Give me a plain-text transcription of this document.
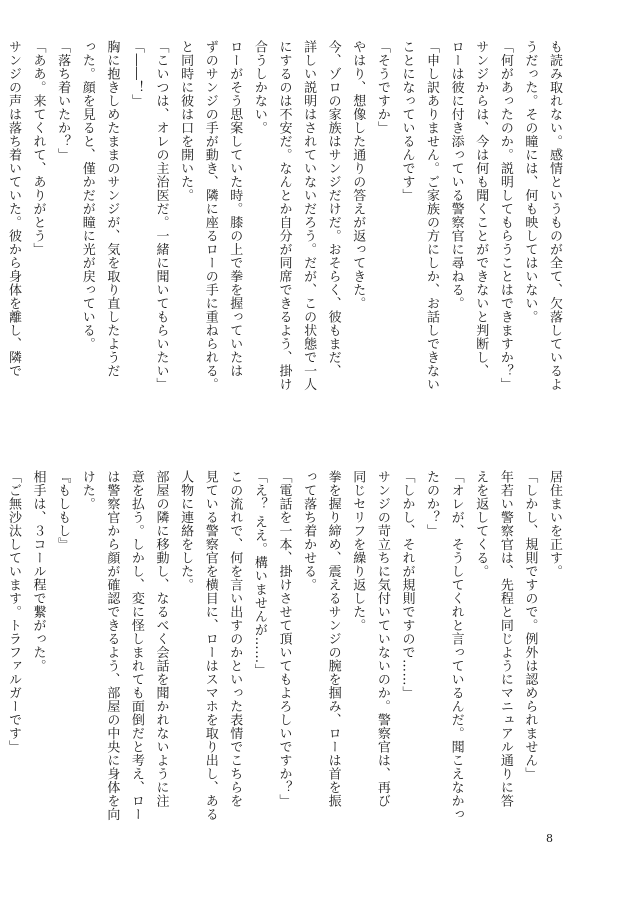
も読み取れない。感情というものが全て、欠落しているよ
うだった。その瞳には、何も映してはいない。
「何があったのか。説明してもらうことはできますか？」
サンジからは、今は何も聞くことができないと判断し、
ローは彼に付き添っている警察官に尋ねる。
「申し訳ありません。ご家族の方にしか、お話しできない
ことになっているんです」
「そうですか」
やはり、想像した通りの答えが返ってきた。
今、ゾロの家族はサンジだけだ。おそらく、彼もまだ、
詳しい説明はされていないだろう。だが、この状態で一人
にするのは不安だ。なんとか自分が同席できるよう、掛け
合うしかない。
ローがそう思案していた時。膝の上で拳を握っていたは
ずのサンジの手が動き、隣に座るローの手に重ねられる。
と同時に彼は口を開いた。
「こいつは、オレの主治医だ。一緒に聞いてもらいたい」
「――！」
胸に抱きしめたままのサンジが、気を取り直したようだ
った。顔を見ると、僅かだが瞳に光が戻っている。
「落ち着いたか？」
「ああ。来てくれて、ありがとう」
サンジの声は落ち着いていた。彼から身体を離し、隣で
居住まいを正す。
「しかし、規則ですので。例外は認められません」
年若い警察官は、先程と同じようにマニュアル通りに答
えを返してくる。
「オレが、そうしてくれと言っているんだ。聞こえなかっ
たのか？」
「しかし、それが規則ですので……」
サンジの苛立ちに気付いていないのか。警察官は、再び
同じセリフを繰り返した。
拳を握り締め、震えるサンジの腕を掴み、ローは首を振
って落ち着かせる。
「電話を一本、掛けさせて頂いてもよろしいですか？」
「え？ ええ。構いませんが……」
この流れで、何を言い出すのかといった表情でこちらを
見ている警察官を横目に、ローはスマホを取り出し、ある
人物に連絡をした。
部屋の隣に移動し、なるべく会話を聞かれないように注
意を払う。しかし、変に怪しまれても面倒だと考え、ロー
は警察官から顔が確認できるよう、部屋の中央に身体を向
けた。
『もしもし』
相手は、３コール程で繋がった。
「ご無沙汰しています。トラファルガーです」
8
